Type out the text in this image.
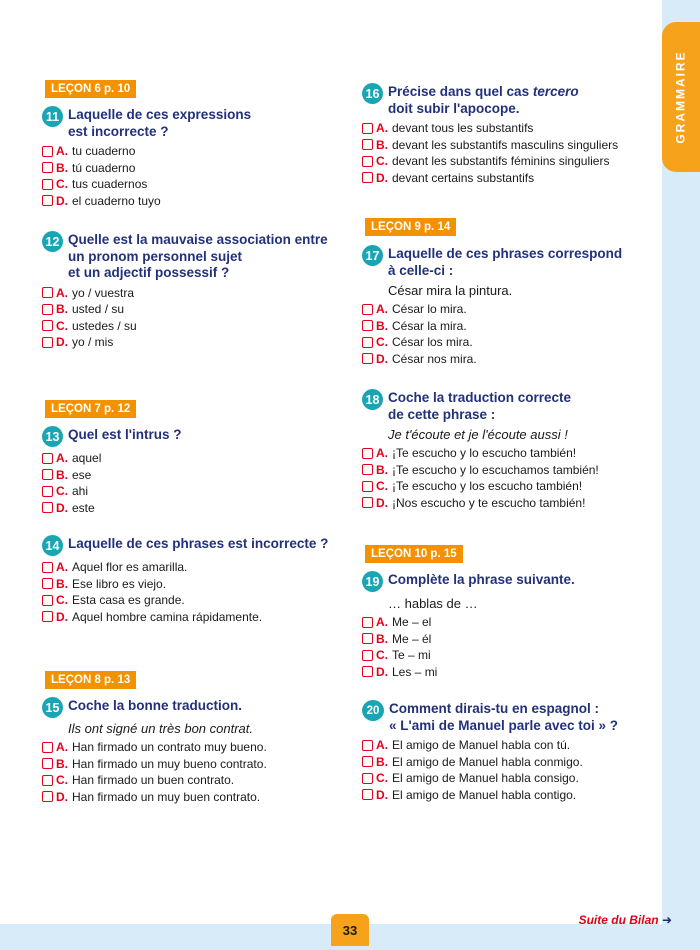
GRAMMAIRE
LEÇON 6 p. 10
11 Laquelle de ces expressions
est incorrecte ?
A. tu cuaderno
B. tú cuaderno
C. tus cuadernos
D. el cuaderno tuyo
12 Quelle est la mauvaise association entre
un pronom personnel sujet
et un adjectif possessif ?
A. yo / vuestra
B. usted / su
C. ustedes / su
D. yo / mis
LEÇON 7 p. 12
13 Quel est l'intrus ?
A. aquel
B. ese
C. ahi
D. este
14 Laquelle de ces phrases est incorrecte ?
A. Aquel flor es amarilla.
B. Ese libro es viejo.
C. Esta casa es grande.
D. Aquel hombre camina rápidamente.
LEÇON 8 p. 13
15 Coche la bonne traduction.
Ils ont signé un très bon contrat.
A. Han firmado un contrato muy bueno.
B. Han firmado un muy bueno contrato.
C. Han firmado un buen contrato.
D. Han firmado un muy buen contrato.
16 Précise dans quel cas tercero
doit subir l'apocope.
A. devant tous les substantifs
B. devant les substantifs masculins singuliers
C. devant les substantifs féminins singuliers
D. devant certains substantifs
LEÇON 9 p. 14
17 Laquelle de ces phrases correspond
à celle-ci :
César mira la pintura.
A. César lo mira.
B. César la mira.
C. César los mira.
D. César nos mira.
18 Coche la traduction correcte
de cette phrase :
Je t'écoute et je l'écoute aussi !
A. ¡Te escucho y lo escucho también!
B. ¡Te escucho y lo escuchamos también!
C. ¡Te escucho y los escucho también!
D. ¡Nos escucho y te escucho también!
LEÇON 10 p. 15
19 Complète la phrase suivante.
… hablas de …
A. Me – el
B. Me – él
C. Te – mi
D. Les – mi
20 Comment dirais-tu en espagnol :
« L'ami de Manuel parle avec toi » ?
A. El amigo de Manuel habla con tú.
B. El amigo de Manuel habla conmigo.
C. El amigo de Manuel habla consigo.
D. El amigo de Manuel habla contigo.
33
Suite du Bilan ➜
